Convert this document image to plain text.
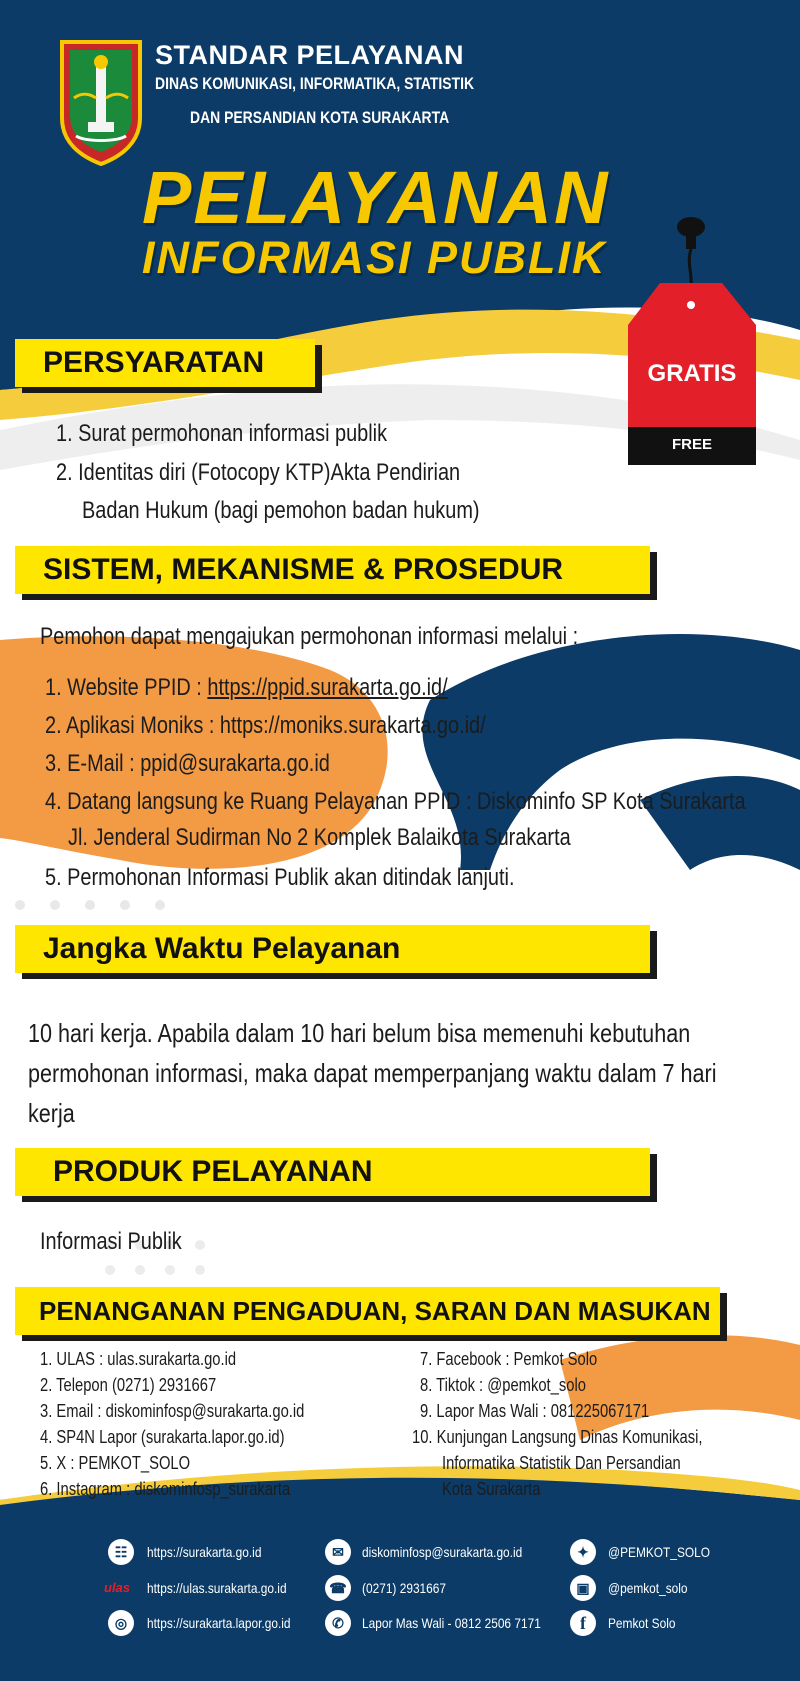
STANDAR PELAYANAN
DINAS KOMUNIKASI, INFORMATIKA, STATISTIK
DAN PERSANDIAN KOTA SURAKARTA
PELAYANAN
INFORMASI PUBLIK
GRATIS
FREE
PERSYARATAN
1. Surat permohonan informasi publik
2. Identitas diri (Fotocopy KTP)Akta Pendirian
Badan Hukum (bagi pemohon badan hukum)
SISTEM, MEKANISME & PROSEDUR
Pemohon dapat mengajukan permohonan informasi melalui :
1. Website PPID : https://ppid.surakarta.go.id/
2. Aplikasi Moniks : https://moniks.surakarta.go.id/
3. E-Mail : ppid@surakarta.go.id
4. Datang langsung ke Ruang Pelayanan PPID : Diskominfo SP Kota Surakarta
Jl. Jenderal Sudirman No 2 Komplek Balaikota Surakarta
5. Permohonan Informasi Publik akan ditindak lanjuti.
Jangka Waktu Pelayanan
10 hari kerja. Apabila dalam 10 hari belum bisa memenuhi kebutuhan
permohonan informasi, maka dapat memperpanjang waktu dalam 7 hari
kerja
PRODUK PELAYANAN
Informasi Publik
PENANGANAN PENGADUAN, SARAN DAN MASUKAN
1. ULAS : ulas.surakarta.go.id
2. Telepon (0271) 2931667
3. Email : diskominfosp@surakarta.go.id
4. SP4N Lapor (surakarta.lapor.go.id)
5. X : PEMKOT_SOLO
6. Instagram : diskominfosp_surakarta
7. Facebook : Pemkot Solo
8. Tiktok : @pemkot_solo
9. Lapor Mas Wali : 081225067171
10. Kunjungan Langsung Dinas Komunikasi,
Informatika Statistik Dan Persandian
Kota Surakarta
☷
ulas
◎
https://surakarta.go.id
https://ulas.surakarta.go.id
https://surakarta.lapor.go.id
✉
☎
✆
diskominfosp@surakarta.go.id
(0271) 2931667
Lapor Mas Wali - 0812 2506 7171
✦
▣
f
@PEMKOT_SOLO
@pemkot_solo
Pemkot Solo
